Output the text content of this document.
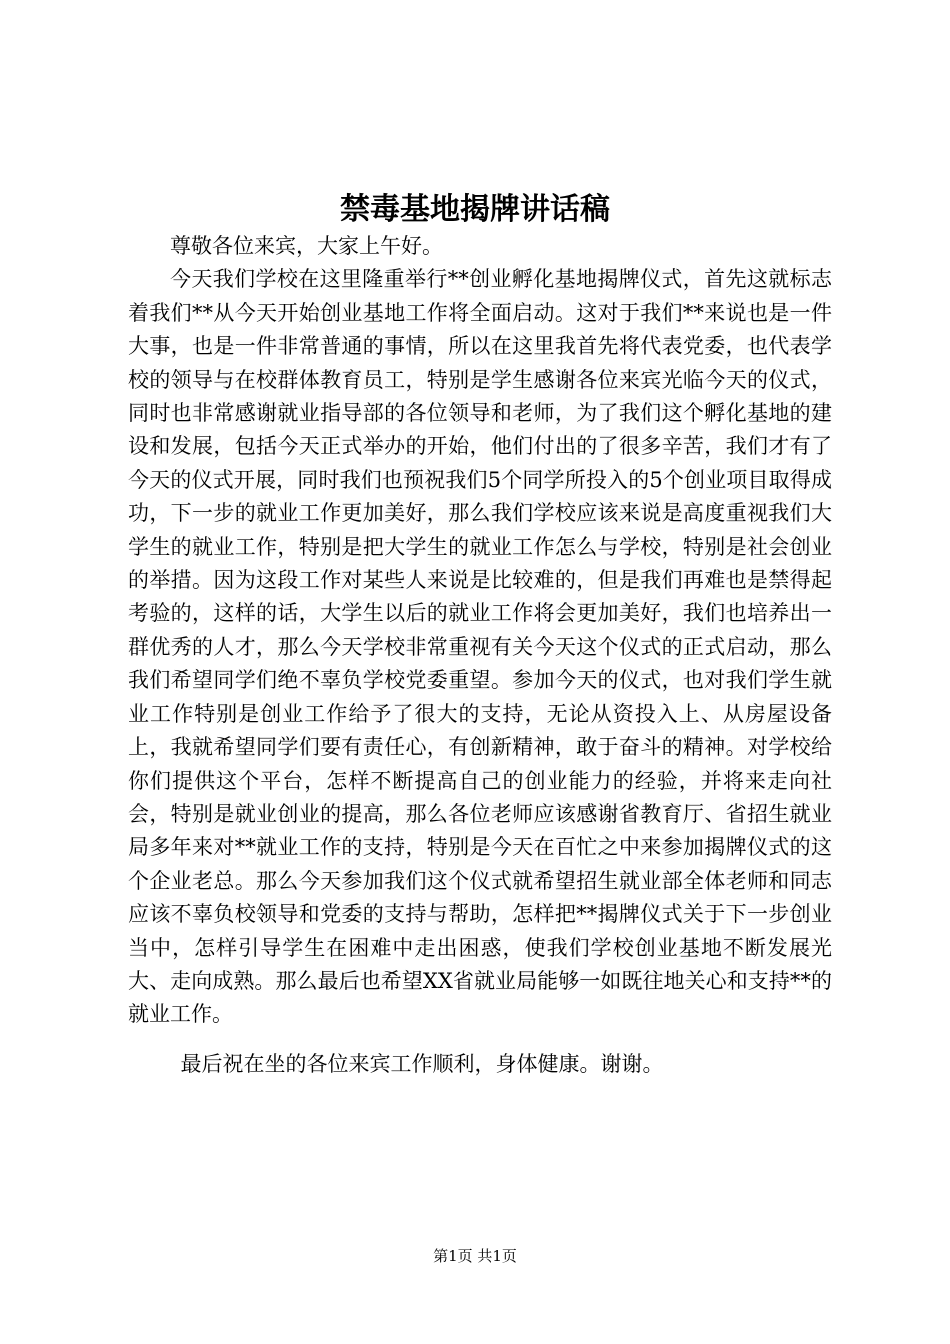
禁毒基地揭牌讲话稿

尊敬各位来宾，大家上午好。

今天我们学校在这里隆重举行**创业孵化基地揭牌仪式，首先这就标志着我们**从今天开始创业基地工作将全面启动。这对于我们**来说也是一件大事，也是一件非常普通的事情，所以在这里我首先将代表党委，也代表学校的领导与在校群体教育员工，特别是学生感谢各位来宾光临今天的仪式，同时也非常感谢就业指导部的各位领导和老师，为了我们这个孵化基地的建设和发展，包括今天正式举办的开始，他们付出的了很多辛苦，我们才有了今天的仪式开展，同时我们也预祝我们5个同学所投入的5个创业项目取得成功，下一步的就业工作更加美好，那么我们学校应该来说是高度重视我们大学生的就业工作，特别是把大学生的就业工作怎么与学校，特别是社会创业的举措。因为这段工作对某些人来说是比较难的，但是我们再难也是禁得起考验的，这样的话，大学生以后的就业工作将会更加美好，我们也培养出一群优秀的人才，那么今天学校非常重视有关今天这个仪式的正式启动，那么我们希望同学们绝不辜负学校党委重望。参加今天的仪式，也对我们学生就业工作特别是创业工作给予了很大的支持，无论从资投入上、从房屋设备上，我就希望同学们要有责任心，有创新精神，敢于奋斗的精神。对学校给你们提供这个平台，怎样不断提高自己的创业能力的经验，并将来走向社会，特别是就业创业的提高，那么各位老师应该感谢省教育厅、省招生就业局多年来对**就业工作的支持，特别是今天在百忙之中来参加揭牌仪式的这个企业老总。那么今天参加我们这个仪式就希望招生就业部全体老师和同志应该不辜负校领导和党委的支持与帮助，怎样把**揭牌仪式关于下一步创业当中，怎样引导学生在困难中走出困惑，使我们学校创业基地不断发展光大、走向成熟。那么最后也希望XX省就业局能够一如既往地关心和支持**的就业工作。

最后祝在坐的各位来宾工作顺利，身体健康。谢谢。

第1页 共1页
